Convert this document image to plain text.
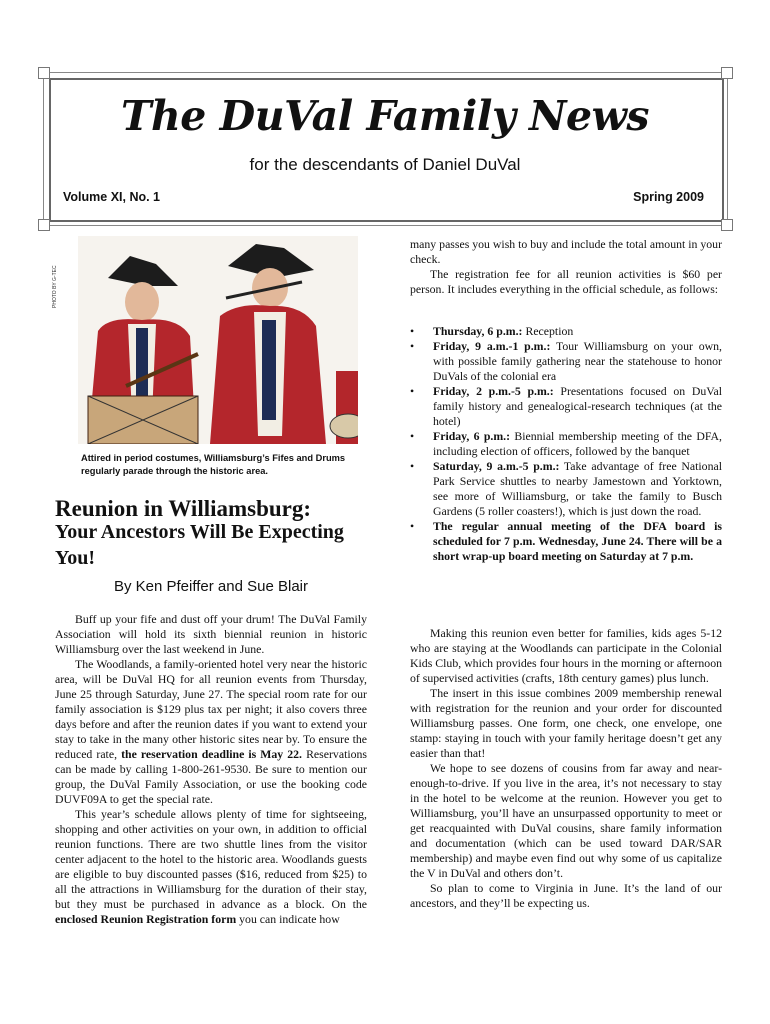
The DuVal Family News
for the descendants of Daniel DuVal
Volume XI, No. 1	Spring 2009
PHOTO BY G-TEC
Attired in period costumes, Williamsburg’s Fifes and Drums regularly parade through the historic area.
Reunion in Williamsburg:
Your Ancestors Will Be Expecting You!
By Ken Pfeiffer and Sue Blair

Buff up your fife and dust off your drum! The DuVal Family Association will hold its sixth biennial reunion in historic Williamsburg over the last weekend in June.

The Woodlands, a family-oriented hotel very near the historic area, will be DuVal HQ for all reunion events from Thursday, June 25 through Saturday, June 27. The special room rate for our family association is $129 plus tax per night; it also covers three days before and after the reunion dates if you want to extend your stay to take in the many other historic sites near by. To ensure the reduced rate, the reservation deadline is May 22. Reservations can be made by calling 1-800-261-9530. Be sure to mention our group, the DuVal Family Association, or use the booking code DUVF09A to get the special rate.

This year’s schedule allows plenty of time for sightseeing, shopping and other activities on your own, in addition to official reunion functions. There are two shuttle lines from the visitor center adjacent to the hotel to the historic area. Woodlands guests are eligible to buy discounted passes ($16, reduced from $25) to all the attractions in Williamsburg for the duration of their stay, but they must be purchased in advance as a block. On the enclosed Reunion Registration form you can indicate how

many passes you wish to buy and include the total amount in your check.

The registration fee for all reunion activities is $60 per person. It includes everything in the official schedule, as follows:

• Thursday, 6 p.m.: Reception
• Friday, 9 a.m.-1 p.m.: Tour Williamsburg on your own, with possible family gathering near the statehouse to honor DuVals of the colonial era
• Friday, 2 p.m.-5 p.m.: Presentations focused on DuVal family history and genealogical-research techniques (at the hotel)
• Friday, 6 p.m.: Biennial membership meeting of the DFA, including election of officers, followed by the banquet
• Saturday, 9 a.m.-5 p.m.: Take advantage of free National Park Service shuttles to nearby Jamestown and Yorktown, see more of Williamsburg, or take the family to Busch Gardens (5 roller coasters!), which is just down the road.
• The regular annual meeting of the DFA board is scheduled for 7 p.m. Wednesday, June 24. There will be a short wrap-up board meeting on Saturday at 7 p.m.

Making this reunion even better for families, kids ages 5-12 who are staying at the Woodlands can participate in the Colonial Kids Club, which provides four hours in the morning or afternoon of supervised activities (crafts, 18th century games) plus lunch.

The insert in this issue combines 2009 membership renewal with registration for the reunion and your order for discounted Williamsburg passes. One form, one check, one envelope, one stamp: staying in touch with your family heritage doesn’t get any easier than that!

We hope to see dozens of cousins from far away and near-enough-to-drive. If you live in the area, it’s not necessary to stay in the hotel to be welcome at the reunion. However you get to Williamsburg, you’ll have an unsurpassed opportunity to meet or get reacquainted with DuVal cousins, share family information and documentation (which can be used toward DAR/SAR membership) and maybe even find out why some of us capitalize the V in DuVal and others don’t.

So plan to come to Virginia in June. It’s the land of our ancestors, and they’ll be expecting us.
